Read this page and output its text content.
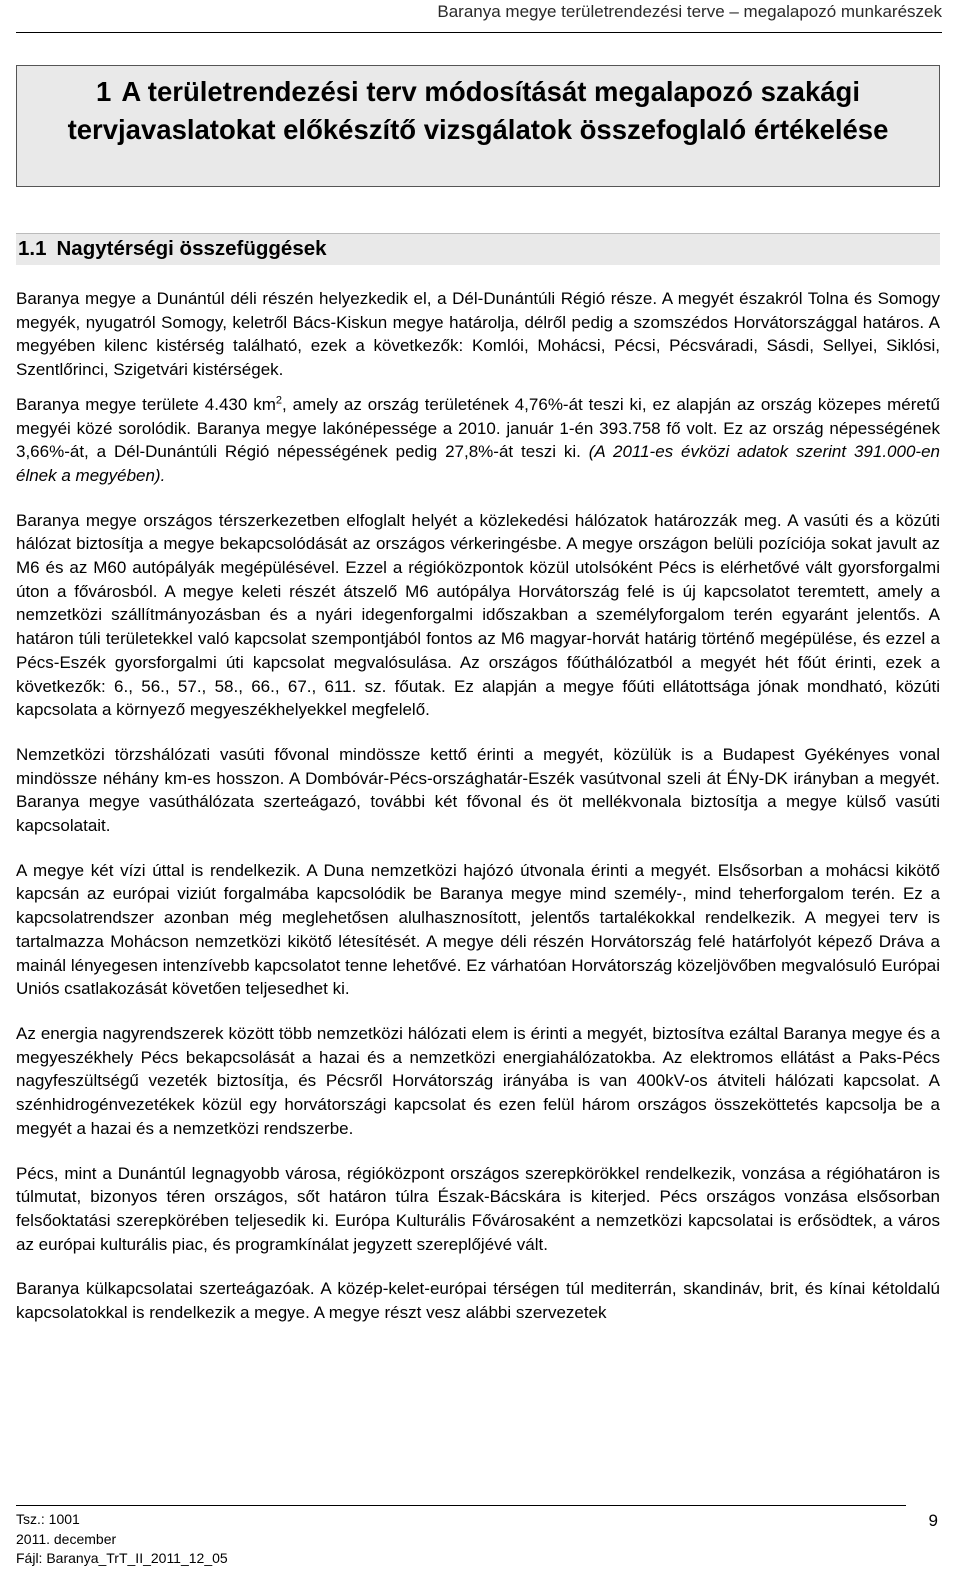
Baranya megye területrendezési terve – megalapozó munkarészek
1 A területrendezési terv módosítását megalapozó szakági tervjavaslatokat előkészítő vizsgálatok összefoglaló értékelése
1.1 Nagytérségi összefüggések

Baranya megye a Dunántúl déli részén helyezkedik el, a Dél-Dunántúli Régió része. A megyét északról Tolna és Somogy megyék, nyugatról Somogy, keletről Bács-Kiskun megye határolja, délről pedig a szomszédos Horvátországgal határos. A megyében kilenc kistérség található, ezek a következők: Komlói, Mohácsi, Pécsi, Pécsváradi, Sásdi, Sellyei, Siklósi, Szentlőrinci, Szigetvári kistérségek.

Baranya megye területe 4.430 $km^2$, amely az ország területének 4,76%-át teszi ki, ez alapján az ország közepes méretű megyéi közé sorolódik. Baranya megye lakónépessége a 2010. január 1-én 393.758 fő volt. Ez az ország népességének 3,66%-át, a Dél-Dunántúli Régió népességének pedig 27,8%-át teszi ki. (A 2011-es évközi adatok szerint 391.000-en élnek a megyében).

Baranya megye országos térszerkezetben elfoglalt helyét a közlekedési hálózatok határozzák meg. A vasúti és a közúti hálózat biztosítja a megye bekapcsolódását az országos vérkeringésbe. A megye országon belüli pozíciója sokat javult az M6 és az M60 autópályák megépülésével. Ezzel a régióközpontok közül utolsóként Pécs is elérhetővé vált gyorsforgalmi úton a fővárosból. A megye keleti részét átszelő M6 autópálya Horvátország felé is új kapcsolatot teremtett, amely a nemzetközi szállítmányozásban és a nyári idegenforgalmi időszakban a személyforgalom terén egyaránt jelentős. A határon túli területekkel való kapcsolat szempontjából fontos az M6 magyar-horvát határig történő megépülése, és ezzel a Pécs-Eszék gyorsforgalmi úti kapcsolat megvalósulása. Az országos főúthálózatból a megyét hét főút érinti, ezek a következők: 6., 56., 57., 58., 66., 67., 611. sz. főutak. Ez alapján a megye főúti ellátottsága jónak mondható, közúti kapcsolata a környező megyeszékhelyekkel megfelelő.

Nemzetközi törzshálózati vasúti fővonal mindössze kettő érinti a megyét, közülük is a Budapest Gyékényes vonal mindössze néhány km-es hosszon. A Dombóvár-Pécs-országhatár-Eszék vasútvonal szeli át ÉNy-DK irányban a megyét. Baranya megye vasúthálózata szerteágazó, további két fővonal és öt mellékvonala biztosítja a megye külső vasúti kapcsolatait.

A megye két vízi úttal is rendelkezik. A Duna nemzetközi hajózó útvonala érinti a megyét. Elsősorban a mohácsi kikötő kapcsán az európai viziút forgalmába kapcsolódik be Baranya megye mind személy-, mind teherforgalom terén. Ez a kapcsolatrendszer azonban még meglehetősen alulhasznosított, jelentős tartalékokkal rendelkezik. A megyei terv is tartalmazza Mohácson nemzetközi kikötő létesítését. A megye déli részén Horvátország felé határfolyót képező Dráva a mainál lényegesen intenzívebb kapcsolatot tenne lehetővé. Ez várhatóan Horvátország közeljövőben megvalósuló Európai Uniós csatlakozását követően teljesedhet ki.

Az energia nagyrendszerek között több nemzetközi hálózati elem is érinti a megyét, biztosítva ezáltal Baranya megye és a megyeszékhely Pécs bekapcsolását a hazai és a nemzetközi energiahálózatokba. Az elektromos ellátást a Paks-Pécs nagyfeszültségű vezeték biztosítja, és Pécsről Horvátország irányába is van 400kV-os átviteli hálózati kapcsolat. A szénhidrogénvezetékek közül egy horvátországi kapcsolat és ezen felül három országos összeköttetés kapcsolja be a megyét a hazai és a nemzetközi rendszerbe.

Pécs, mint a Dunántúl legnagyobb városa, régióközpont országos szerepkörökkel rendelkezik, vonzása a régióhatáron is túlmutat, bizonyos téren országos, sőt határon túlra Észak-Bácskára is kiterjed. Pécs országos vonzása elsősorban felsőoktatási szerepkörében teljesedik ki. Európa Kulturális Fővárosaként a nemzetközi kapcsolatai is erősödtek, a város az európai kulturális piac, és programkínálat jegyzett szereplőjévé vált.

Baranya külkapcsolatai szerteágazóak. A közép-kelet-európai térségen túl mediterrán, skandináv, brit, és kínai kétoldalú kapcsolatokkal is rendelkezik a megye. A megye részt vesz alábbi szervezetek

Tsz.: 1001
2011. december
Fájl: Baranya_TrT_II_2011_12_05
9
